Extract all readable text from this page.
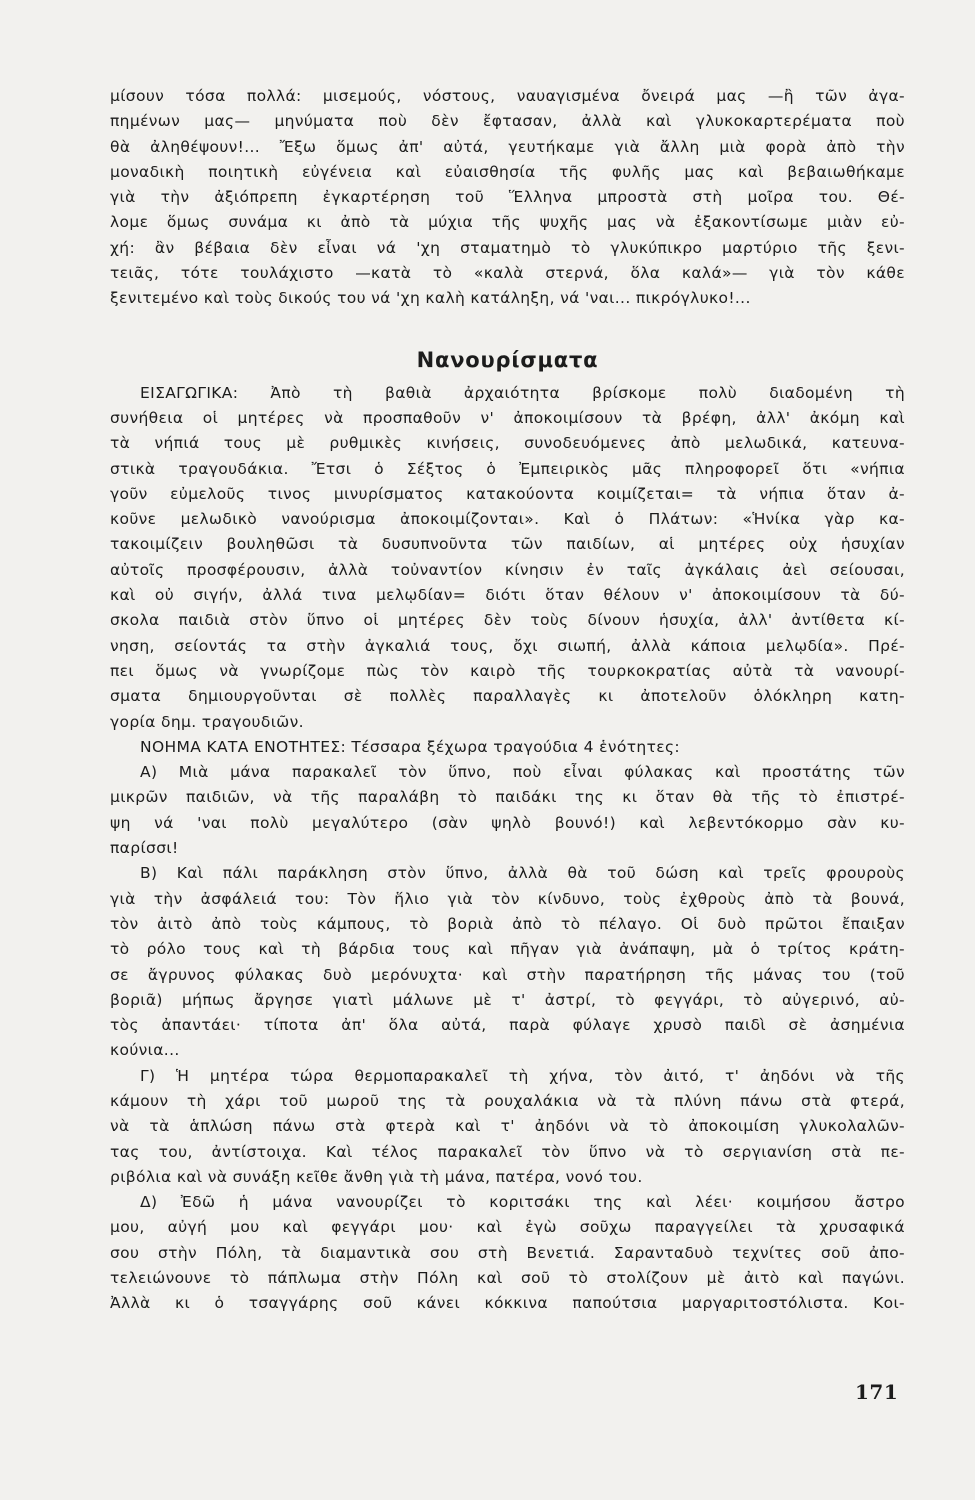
μίσουν τόσα πολλά: μισεμούς, νόστους, ναυαγισμένα ὄνειρά μας —ἢ τῶν ἀγα-
πημένων μας— μηνύματα ποὺ δὲν ἔφτασαν, ἀλλὰ καὶ γλυκοκαρτερέματα ποὺ
θὰ ἀληθέψουν!... Ἔξω ὅμως ἀπ' αὐτά, γευτήκαμε γιὰ ἄλλη μιὰ φορὰ ἀπὸ τὴν
μοναδικὴ ποιητικὴ εὐγένεια καὶ εὐαισθησία τῆς φυλῆς μας καὶ βεβαιωθήκαμε
γιὰ τὴν ἀξιόπρεπη ἐγκαρτέρηση τοῦ Ἕλληνα μπροστὰ στὴ μοῖρα του. Θέ-
λομε ὅμως συνάμα κι ἀπὸ τὰ μύχια τῆς ψυχῆς μας νὰ ἐξακοντίσωμε μιὰν εὐ-
χή: ἂν βέβαια δὲν εἶναι νά 'χη σταματημὸ τὸ γλυκύπικρο μαρτύριο τῆς ξενι-
τειᾶς, τότε τουλάχιστο —κατὰ τὸ «καλὰ στερνά, ὅλα καλά»— γιὰ τὸν κάθε
ξενιτεμένο καὶ τοὺς δικούς του νά 'χη καλὴ κατάληξη, νά 'ναι... πικρόγλυκο!...
Νανουρίσματα
ΕΙΣΑΓΩΓΙΚΑ: Ἀπὸ τὴ βαθιὰ ἀρχαιότητα βρίσκομε πολὺ διαδομένη τὴ
συνήθεια οἱ μητέρες νὰ προσπαθοῦν ν' ἀποκοιμίσουν τὰ βρέφη, ἀλλ' ἀκόμη καὶ
τὰ νήπιά τους μὲ ρυθμικὲς κινήσεις, συνοδευόμενες ἀπὸ μελωδικά, κατευνα-
στικὰ τραγουδάκια. Ἔτσι ὁ Σέξτος ὁ Ἐμπειρικὸς μᾶς πληροφορεῖ ὅτι «νήπια
γοῦν εὐμελοῦς τινος μινυρίσματος κατακούοντα κοιμίζεται= τὰ νήπια ὅταν ἀ-
κοῦνε μελωδικὸ νανούρισμα ἀποκοιμίζονται». Καὶ ὁ Πλάτων: «Ἡνίκα γὰρ κα-
τακοιμίζειν βουληθῶσι τὰ δυσυπνοῦντα τῶν παιδίων, αἱ μητέρες οὐχ ἡσυχίαν
αὐτοῖς προσφέρουσιν, ἀλλὰ τοὐναντίον κίνησιν ἐν ταῖς ἀγκάλαις ἀεὶ σείουσαι,
καὶ οὐ σιγήν, ἀλλά τινα μελῳδίαν= διότι ὅταν θέλουν ν' ἀποκοιμίσουν τὰ δύ-
σκολα παιδιὰ στὸν ὕπνο οἱ μητέρες δὲν τοὺς δίνουν ἡσυχία, ἀλλ' ἀντίθετα κί-
νηση, σείοντάς τα στὴν ἀγκαλιά τους, ὄχι σιωπή, ἀλλὰ κάποια μελῳδία». Πρέ-
πει ὅμως νὰ γνωρίζομε πὼς τὸν καιρὸ τῆς τουρκοκρατίας αὐτὰ τὰ νανουρί-
σματα δημιουργοῦνται σὲ πολλὲς παραλλαγὲς κι ἀποτελοῦν ὁλόκληρη κατη-
γορία δημ. τραγουδιῶν.
ΝΟΗΜΑ ΚΑΤΑ ΕΝΟΤΗΤΕΣ: Τέσσαρα ξέχωρα τραγούδια 4 ἑνότητες:
Α) Μιὰ μάνα παρακαλεῖ τὸν ὕπνο, ποὺ εἶναι φύλακας καὶ προστάτης τῶν
μικρῶν παιδιῶν, νὰ τῆς παραλάβη τὸ παιδάκι της κι ὅταν θὰ τῆς τὸ ἐπιστρέ-
ψη νά 'ναι πολὺ μεγαλύτερο (σὰν ψηλὸ βουνό!) καὶ λεβεντόκορμο σὰν κυ-
παρίσσι!
Β) Καὶ πάλι παράκληση στὸν ὕπνο, ἀλλὰ θὰ τοῦ δώση καὶ τρεῖς φρουροὺς
γιὰ τὴν ἀσφάλειά του: Τὸν ἥλιο γιὰ τὸν κίνδυνο, τοὺς ἐχθροὺς ἀπὸ τὰ βουνά,
τὸν ἀιτὸ ἀπὸ τοὺς κάμπους, τὸ βοριὰ ἀπὸ τὸ πέλαγο. Οἱ δυὸ πρῶτοι ἔπαιξαν
τὸ ρόλο τους καὶ τὴ βάρδια τους καὶ πῆγαν γιὰ ἀνάπαψη, μὰ ὁ τρίτος κράτη-
σε ἄγρυνος φύλακας δυὸ μερόνυχτα· καὶ στὴν παρατήρηση τῆς μάνας του (τοῦ
βοριᾶ) μήπως ἄργησε γιατὶ μάλωνε μὲ τ' ἀστρί, τὸ φεγγάρι, τὸ αὐγερινό, αὐ-
τὸς ἀπαντάει· τίποτα ἀπ' ὅλα αὐτά, παρὰ φύλαγε χρυσὸ παιδὶ σὲ ἀσημένια
κούνια...
Γ) Ἡ μητέρα τώρα θερμοπαρακαλεῖ τὴ χήνα, τὸν ἀιτό, τ' ἀηδόνι νὰ τῆς
κάμουν τὴ χάρι τοῦ μωροῦ της τὰ ρουχαλάκια νὰ τὰ πλύνη πάνω στὰ φτερά,
νὰ τὰ ἁπλώση πάνω στὰ φτερὰ καὶ τ' ἀηδόνι νὰ τὸ ἀποκοιμίση γλυκολαλῶν-
τας του, ἀντίστοιχα. Καὶ τέλος παρακαλεῖ τὸν ὕπνο νὰ τὸ σεργιανίση στὰ πε-
ριβόλια καὶ νὰ συνάξη κεῖθε ἄνθη γιὰ τὴ μάνα, πατέρα, νονό του.
Δ) Ἐδῶ ἡ μάνα νανουρίζει τὸ κοριτσάκι της καὶ λέει· κοιμήσου ἄστρο
μου, αὐγή μου καὶ φεγγάρι μου· καὶ ἐγὼ σοῦχω παραγγείλει τὰ χρυσαφικά
σου στὴν Πόλη, τὰ διαμαντικὰ σου στὴ Βενετιά. Σαρανταδυὸ τεχνίτες σοῦ ἀπο-
τελειώνουνε τὸ πάπλωμα στὴν Πόλη καὶ σοῦ τὸ στολίζουν μὲ ἀιτὸ καὶ παγώνι.
Ἀλλὰ κι ὁ τσαγγάρης σοῦ κάνει κόκκινα παπούτσια μαργαριτοστόλιστα. Κοι-
171
